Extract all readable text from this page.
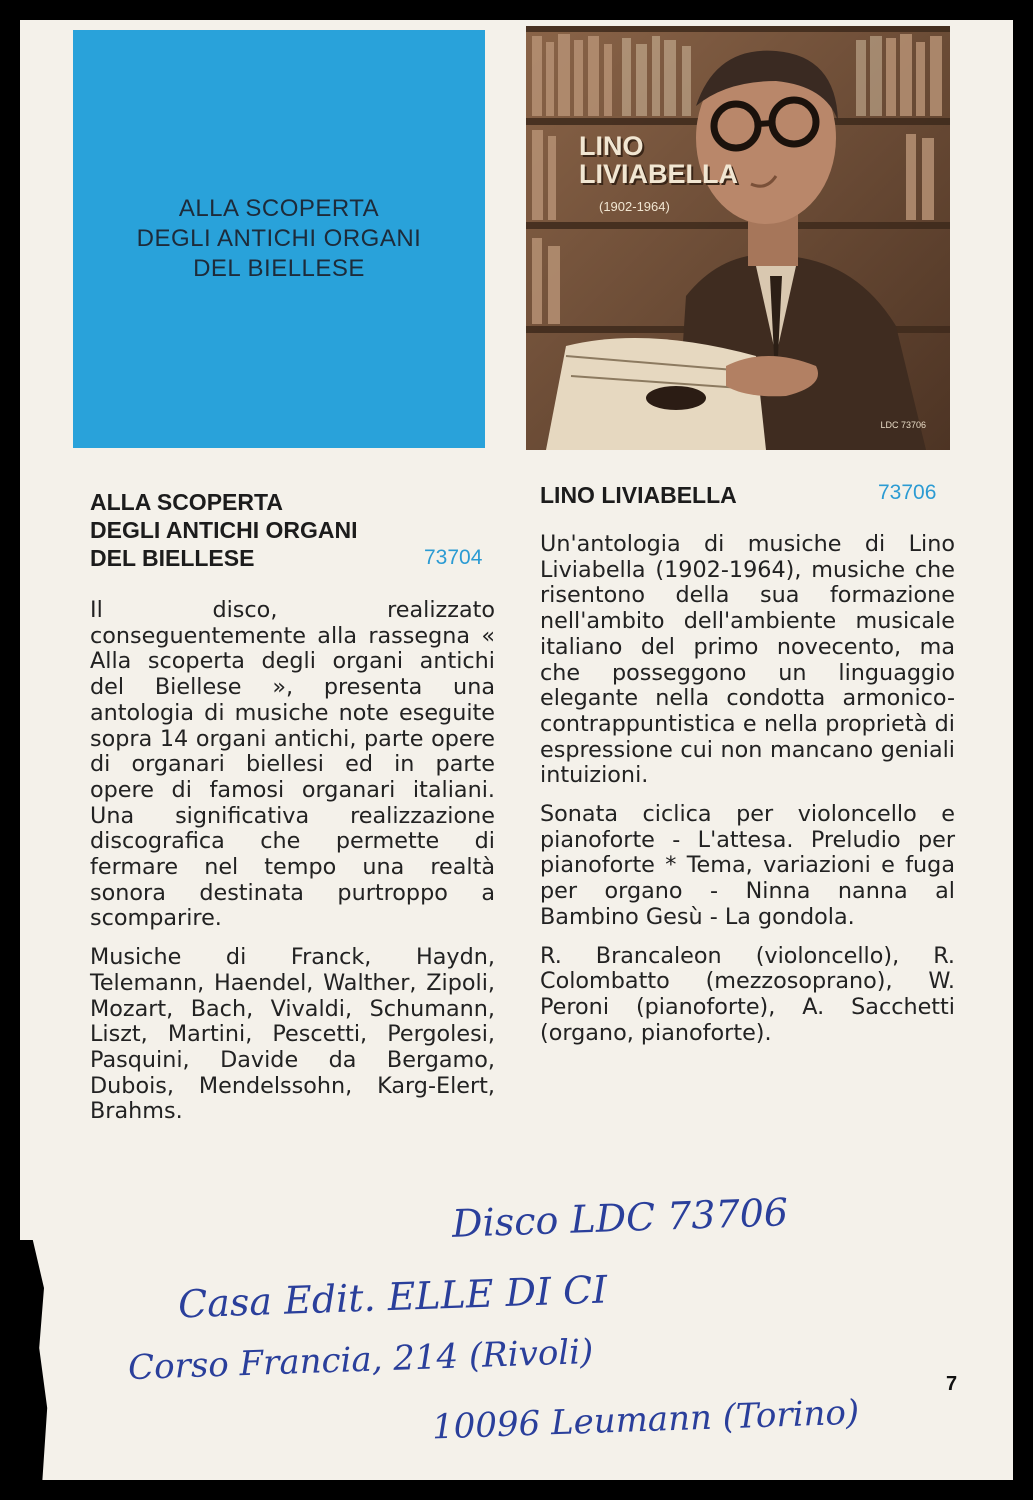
ALLA SCOPERTA
DEGLI ANTICHI ORGANI
DEL BIELLESE
LINO
LIVIABELLA
(1902-1964)
LDC 73706
ALLA SCOPERTA
DEGLI ANTICHI ORGANI
DEL BIELLESE	73704

Il disco, realizzato conseguentemente alla rassegna « Alla scoperta degli organi antichi del Biellese », presenta una antologia di musiche note eseguite sopra 14 organi antichi, parte opere di organari biellesi ed in parte opere di famosi organari italiani. Una significativa realizzazione discografica che permette di fermare nel tempo una realtà sonora destinata purtroppo a scomparire.

Musiche di Franck, Haydn, Telemann, Haendel, Walther, Zipoli, Mozart, Bach, Vivaldi, Schumann, Liszt, Martini, Pescetti, Pergolesi, Pasquini, Davide da Bergamo, Dubois, Mendelssohn, Karg-Elert, Brahms.

LINO LIVIABELLA	73706

Un'antologia di musiche di Lino Liviabella (1902-1964), musiche che risentono della sua formazione nell'ambito dell'ambiente musicale italiano del primo novecento, ma che posseggono un linguaggio elegante nella condotta armonico-contrappuntistica e nella proprietà di espressione cui non mancano geniali intuizioni.

Sonata ciclica per violoncello e pianoforte - L'attesa. Preludio per pianoforte * Tema, variazioni e fuga per organo - Ninna nanna al Bambino Gesù - La gondola.

R. Brancaleon (violoncello), R. Colombatto (mezzosoprano), W. Peroni (pianoforte), A. Sacchetti (organo, pianoforte).

Disco LDC 73706
Casa Edit. ELLE DI CI
Corso Francia, 214 (Rivoli)
10096 Leumann (Torino)
7
